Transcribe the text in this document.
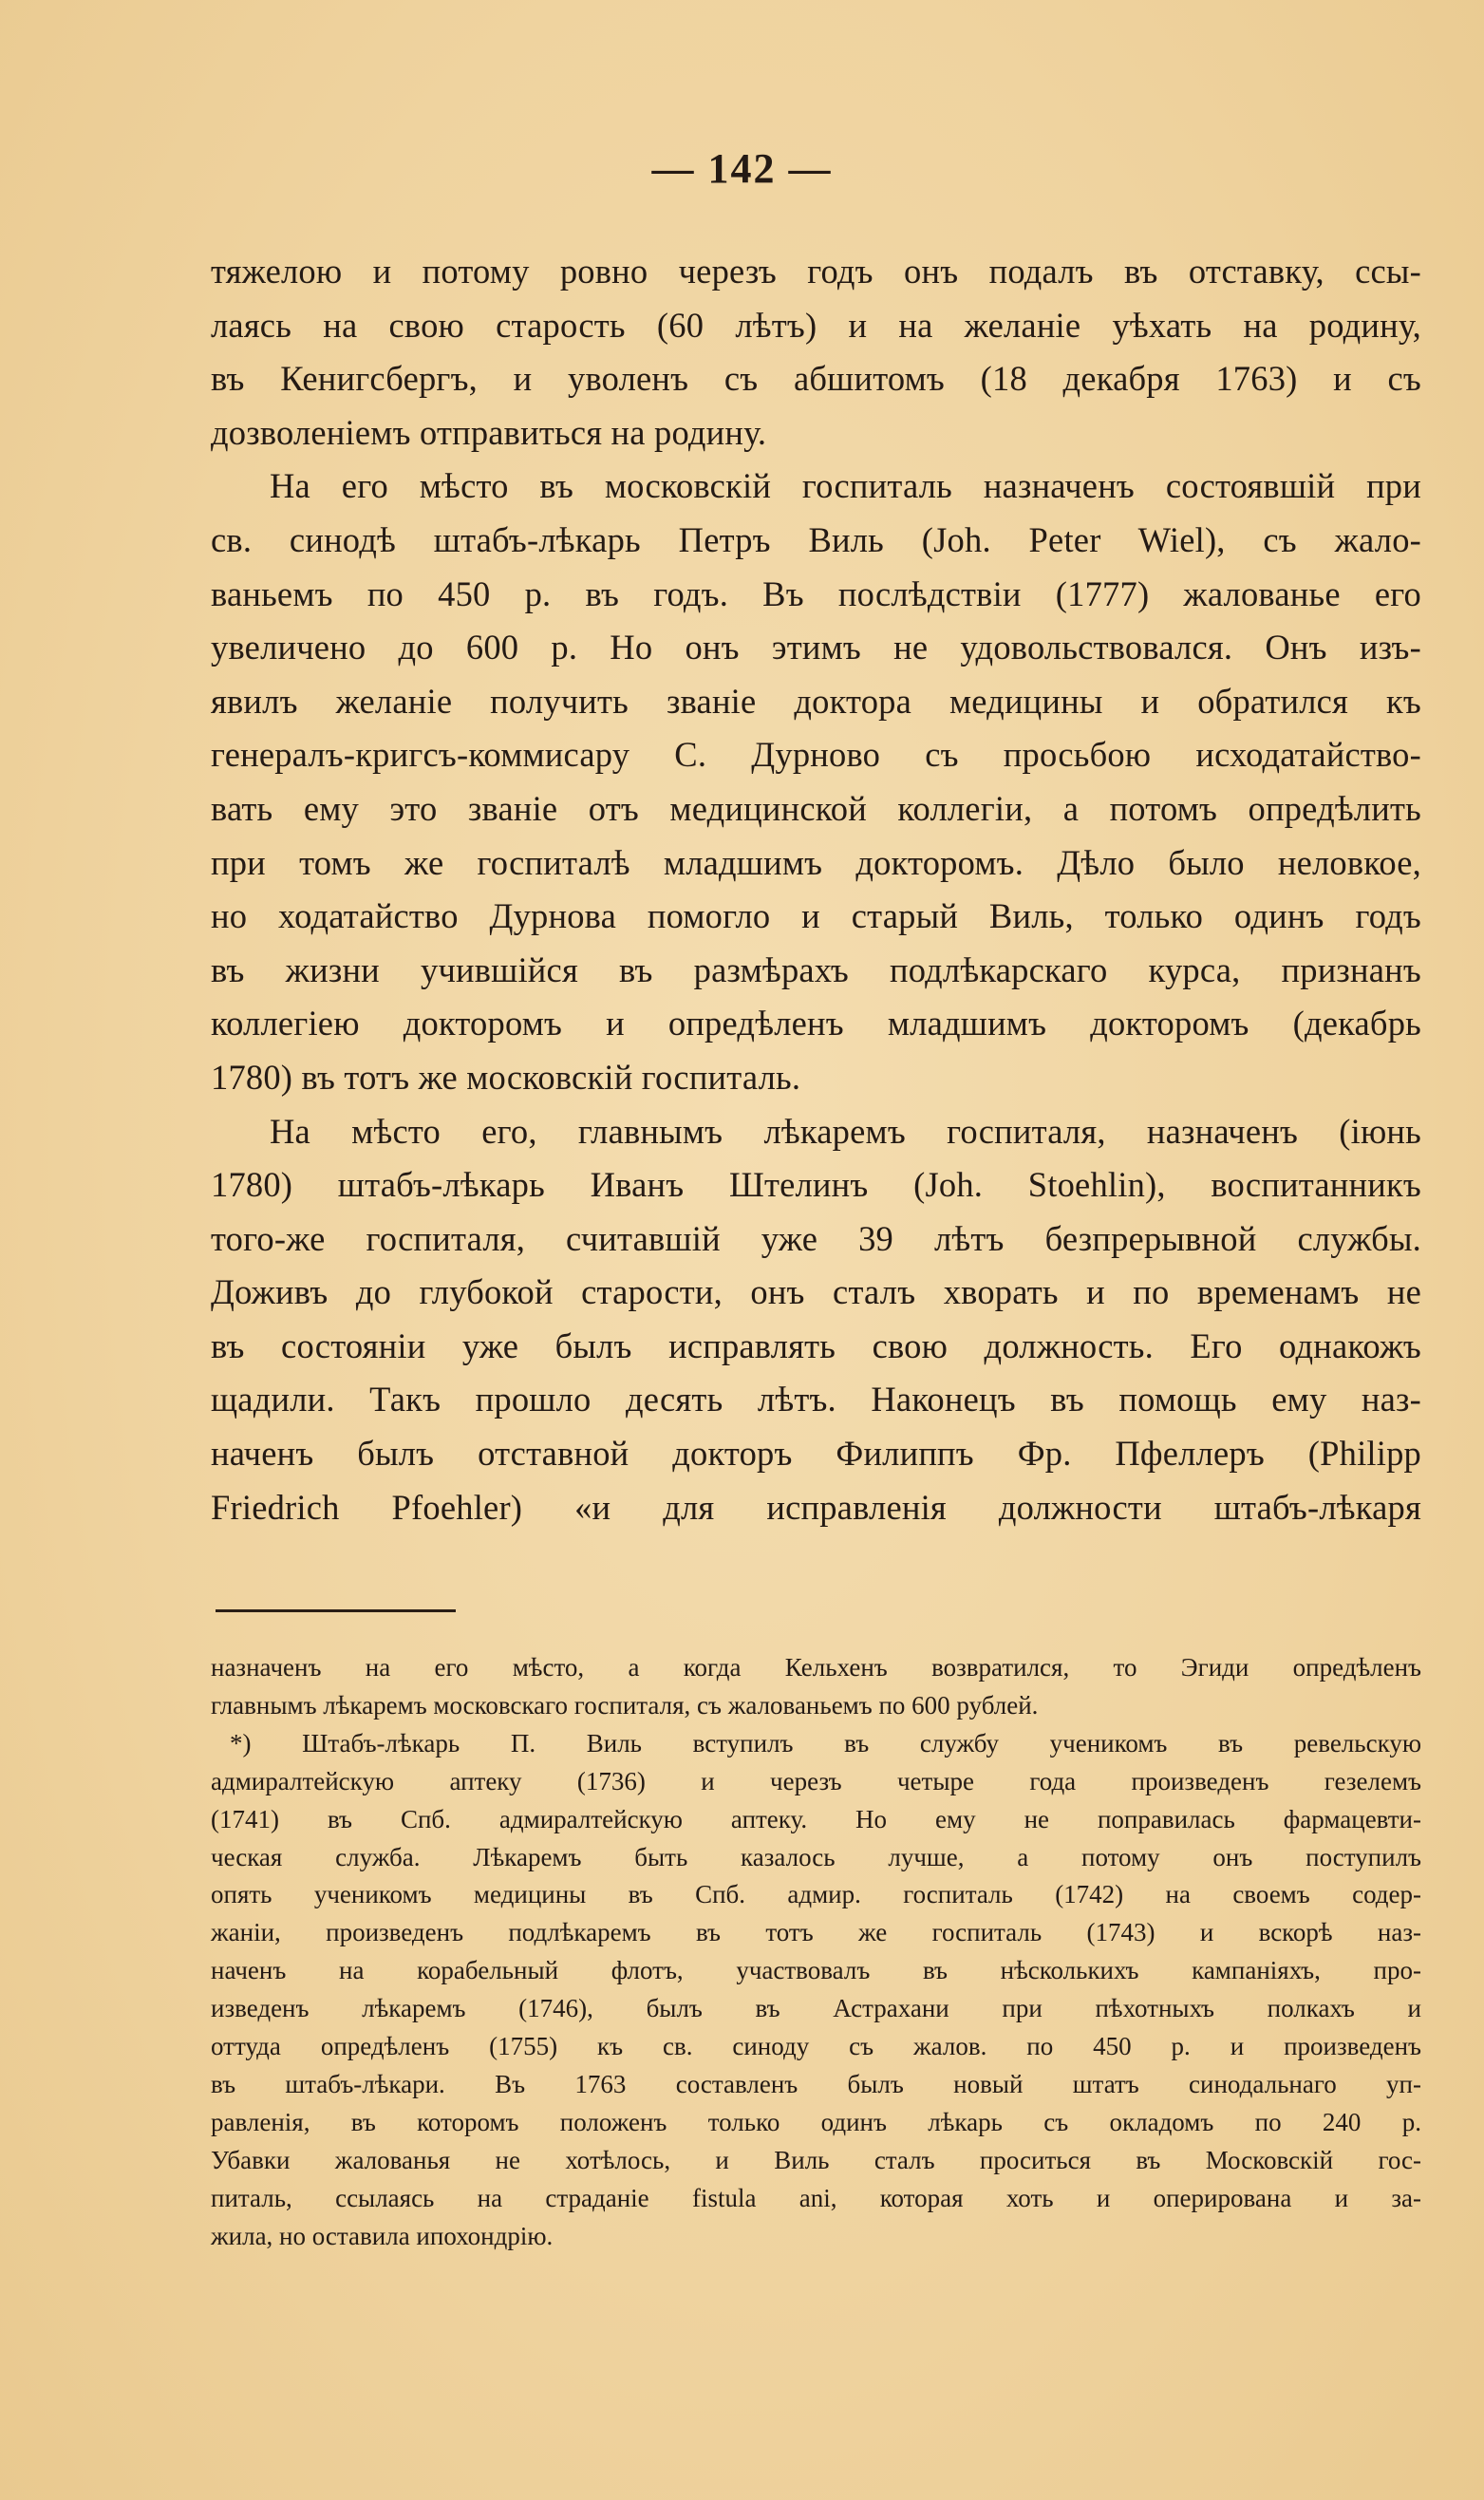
— 142 —

тяжелою и потому ровно черезъ годъ онъ подалъ въ отставку, ссы-
лаясь на свою старость (60 лѣтъ) и на желаніе уѣхать на родину,
въ Кенигсбергъ, и уволенъ съ абшитомъ (18 декабря 1763) и съ
дозволеніемъ отправиться на родину.

На его мѣсто въ московскій госпиталь назначенъ состоявшій при
св. синодѣ штабъ-лѣкарь Петръ Виль (Joh. Peter Wiel), съ жало-
ваньемъ по 450 р. въ годъ. Въ послѣдствіи (1777) жалованье его
увеличено до 600 р. Но онъ этимъ не удовольствовался. Онъ изъ-
явилъ желаніе получить званіе доктора медицины и обратился къ
генералъ-кригсъ-коммисару С. Дурново съ просьбою исходатайство-
вать ему это званіе отъ медицинской коллегіи, а потомъ опредѣлить
при томъ же госпиталѣ младшимъ докторомъ. Дѣло было неловкое,
но ходатайство Дурнова помогло и старый Виль, только одинъ годъ
въ жизни учившійся въ размѣрахъ подлѣкарскаго курса, признанъ
коллегіею докторомъ и опредѣленъ младшимъ докторомъ (декабрь
1780) въ тотъ же московскій госпиталь.

На мѣсто его, главнымъ лѣкаремъ госпиталя, назначенъ (іюнь
1780) штабъ-лѣкарь Иванъ Штелинъ (Joh. Stoehlin), воспитанникъ
того-же госпиталя, считавшій уже 39 лѣтъ безпрерывной службы.
Доживъ до глубокой старости, онъ сталъ хворать и по временамъ не
въ состояніи уже былъ исправлять свою должность. Его однакожъ
щадили. Такъ прошло десять лѣтъ. Наконецъ въ помощь ему наз-
наченъ былъ отставной докторъ Филиппъ Фр. Пфеллеръ (Philipp
Friedrich Pfoehler) «и для исправленія должности штабъ-лѣкаря

назначенъ на его мѣсто, а когда Кельхенъ возвратился, то Эгиди опредѣленъ
главнымъ лѣкаремъ московскаго госпиталя, съ жалованьемъ по 600 рублей.
*) Штабъ-лѣкарь П. Виль вступилъ въ службу ученикомъ въ ревельскую
адмиралтейскую аптеку (1736) и черезъ четыре года произведенъ гезелемъ
(1741) въ Спб. адмиралтейскую аптеку. Но ему не поправилась фармацевти-
ческая служба. Лѣкаремъ быть казалось лучше, а потому онъ поступилъ
опять ученикомъ медицины въ Спб. адмир. госпиталь (1742) на своемъ содер-
жаніи, произведенъ подлѣкаремъ въ тотъ же госпиталь (1743) и вскорѣ наз-
наченъ на корабельный флотъ, участвовалъ въ нѣсколькихъ кампаніяхъ, про-
изведенъ лѣкаремъ (1746), былъ въ Астрахани при пѣхотныхъ полкахъ и
оттуда опредѣленъ (1755) къ св. синоду съ жалов. по 450 р. и произведенъ
въ штабъ-лѣкари. Въ 1763 составленъ былъ новый штатъ синодальнаго уп-
равленія, въ которомъ положенъ только одинъ лѣкарь съ окладомъ по 240 р.
Убавки жалованья не хотѣлось, и Виль сталъ проситься въ Московскій гос-
питаль, ссылаясь на страданіе fistula ani, которая хоть и оперирована и за-
жила, но оставила ипохондрію.
